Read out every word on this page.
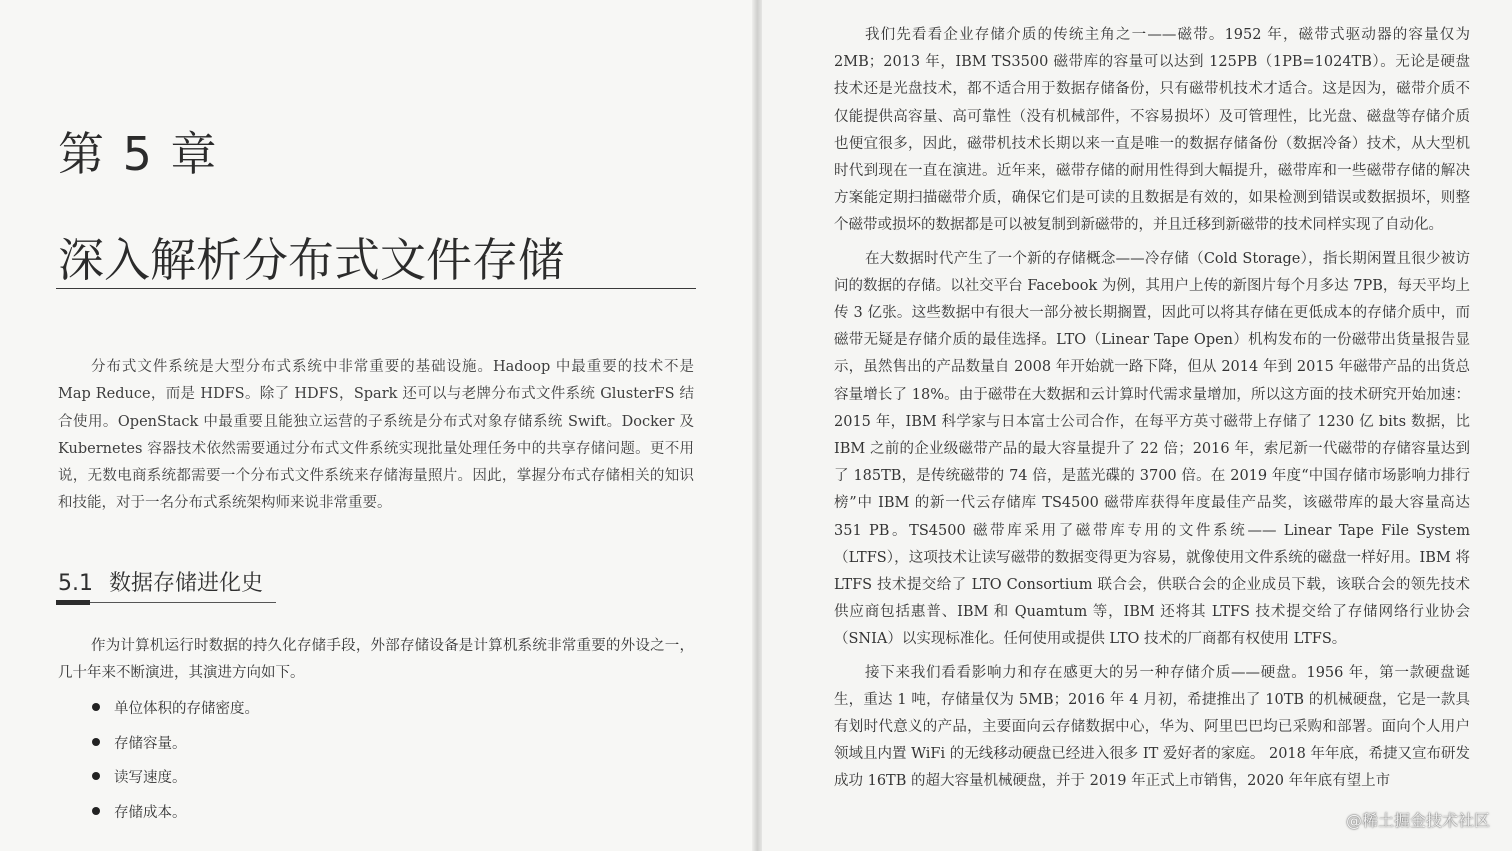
第 5 章
深入解析分布式文件存储

分布式文件系统是大型分布式系统中非常重要的基础设施。Hadoop 中最重要的技术不是 Map Reduce，而是 HDFS。除了 HDFS，Spark 还可以与老牌分布式文件系统 GlusterFS 结合使用。OpenStack 中最重要且能独立运营的子系统是分布式对象存储系统 Swift。Docker 及 Kubernetes 容器技术依然需要通过分布式文件系统实现批量处理任务中的共享存储问题。更不用说，无数电商系统都需要一个分布式文件系统来存储海量照片。因此，掌握分布式存储相关的知识和技能，对于一名分布式系统架构师来说非常重要。

5.1 数据存储进化史

作为计算机运行时数据的持久化存储手段，外部存储设备是计算机系统非常重要的外设之一，几十年来不断演进，其演进方向如下。

单位体积的存储密度。
存储容量。
读写速度。
存储成本。

我们先看看企业存储介质的传统主角之一——磁带。1952 年，磁带式驱动器的容量仅为2MB；2013 年，IBM TS3500 磁带库的容量可以达到 125PB（1PB=1024TB）。无论是硬盘技术还是光盘技术，都不适合用于数据存储备份，只有磁带机技术才适合。这是因为，磁带介质不仅能提供高容量、高可靠性（没有机械部件，不容易损坏）及可管理性，比光盘、磁盘等存储介质也便宜很多，因此，磁带机技术长期以来一直是唯一的数据存储备份（数据冷备）技术，从大型机时代到现在一直在演进。近年来，磁带存储的耐用性得到大幅提升，磁带库和一些磁带存储的解决方案能定期扫描磁带介质，确保它们是可读的且数据是有效的，如果检测到错误或数据损坏，则整个磁带或损坏的数据都是可以被复制到新磁带的，并且迁移到新磁带的技术同样实现了自动化。

在大数据时代产生了一个新的存储概念——冷存储（Cold Storage），指长期闲置且很少被访问的数据的存储。以社交平台 Facebook 为例，其用户上传的新图片每个月多达 7PB，每天平均上传 3 亿张。这些数据中有很大一部分被长期搁置，因此可以将其存储在更低成本的存储介质中，而磁带无疑是存储介质的最佳选择。LTO（Linear Tape Open）机构发布的一份磁带出货量报告显示，虽然售出的产品数量自 2008 年开始就一路下降，但从 2014 年到 2015 年磁带产品的出货总容量增长了 18%。由于磁带在大数据和云计算时代需求量增加，所以这方面的技术研究开始加速：2015 年，IBM 科学家与日本富士公司合作，在每平方英寸磁带上存储了 1230 亿 bits 数据，比 IBM 之前的企业级磁带产品的最大容量提升了 22 倍；2016 年，索尼新一代磁带的存储容量达到了 185TB，是传统磁带的 74 倍，是蓝光碟的 3700 倍。在 2019 年度“中国存储市场影响力排行榜”中 IBM 的新一代云存储库 TS4500 磁带库获得年度最佳产品奖，该磁带库的最大容量高达 351 PB。TS4500 磁带库采用了磁带库专用的文件系统—— Linear Tape File System（LTFS），这项技术让读写磁带的数据变得更为容易，就像使用文件系统的磁盘一样好用。IBM 将 LTFS 技术提交给了 LTO Consortium 联合会，供联合会的企业成员下载，该联合会的领先技术供应商包括惠普、IBM 和 Quamtum 等，IBM 还将其 LTFS 技术提交给了存储网络行业协会（SNIA）以实现标准化。任何使用或提供 LTO 技术的厂商都有权使用 LTFS。

接下来我们看看影响力和存在感更大的另一种存储介质——硬盘。1956 年，第一款硬盘诞生，重达 1 吨，存储量仅为 5MB；2016 年 4 月初，希捷推出了 10TB 的机械硬盘，它是一款具有划时代意义的产品，主要面向云存储数据中心，华为、阿里巴巴均已采购和部署。面向个人用户领域且内置 WiFi 的无线移动硬盘已经进入很多 IT 爱好者的家庭。 2018 年年底，希捷又宣布研发成功 16TB 的超大容量机械硬盘，并于 2019 年正式上市销售，2020 年年底有望上市

@稀土掘金技术社区
